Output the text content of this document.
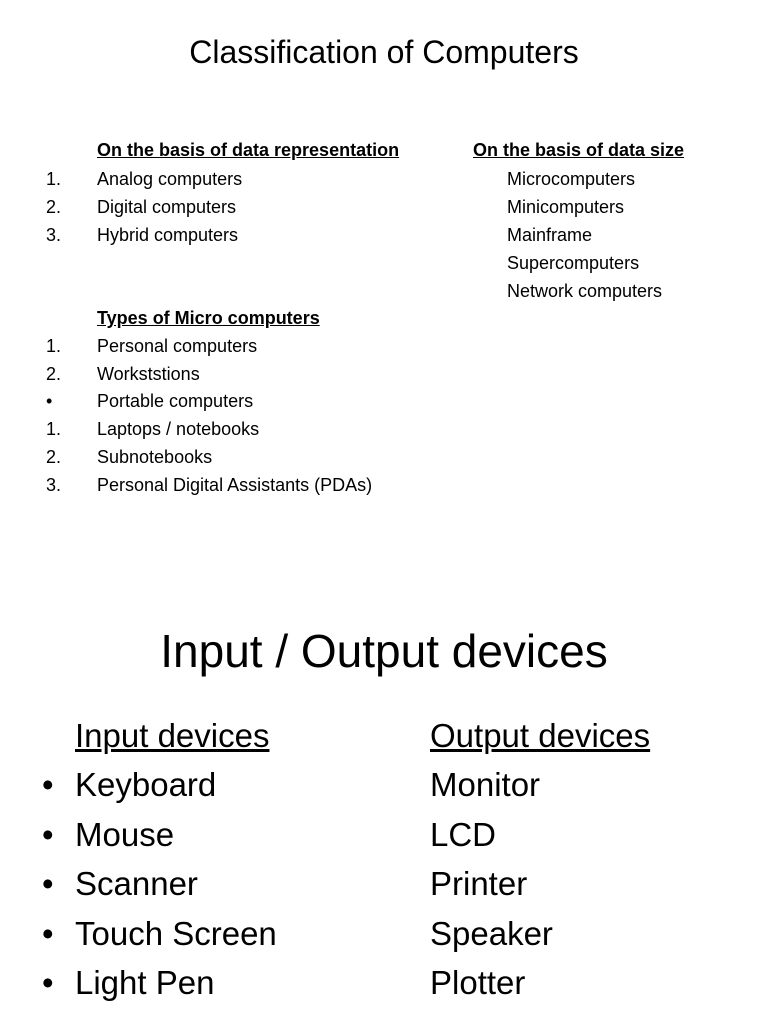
Classification of Computers
On the basis of data representation	On the basis of data size
1. Analog computers
2. Digital computers
3. Hybrid computers
Microcomputers
Minicomputers
Mainframe
Supercomputers
Network computers
Types of Micro computers
1. Personal computers
2. Workststions
• Portable computers
1. Laptops / notebooks
2. Subnotebooks
3. Personal Digital Assistants (PDAs)
Input / Output devices
Input devices	Output devices
• Keyboard	Monitor
• Mouse	LCD
• Scanner	Printer
• Touch Screen	Speaker
• Light Pen	Plotter
